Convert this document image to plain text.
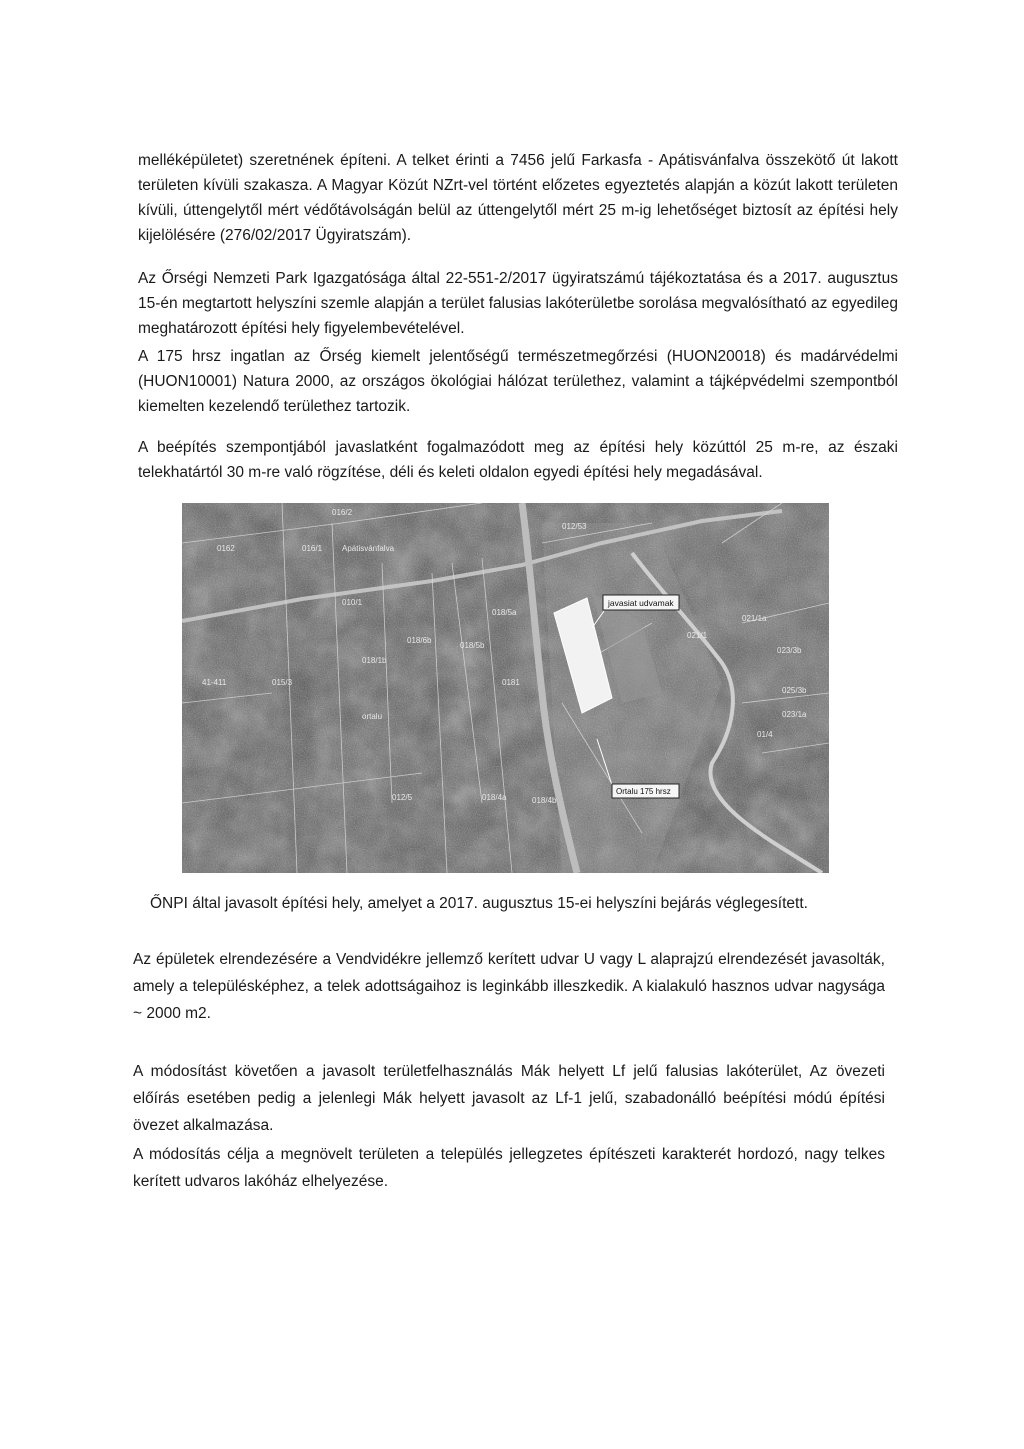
melléképületet) szeretnének építeni. A telket érinti a 7456 jelű Farkasfa - Apátisvánfalva összekötő út lakott területen kívüli szakasza. A Magyar Közút NZrt-vel történt előzetes egyeztetés alapján a közút lakott területen kívüli, úttengelytől mért védőtávolságán belül az úttengelytől mért 25 m-ig lehetőséget biztosít az építési hely kijelölésére (276/02/2017 Ügyiratszám).

Az Őrségi Nemzeti Park Igazgatósága által 22-551-2/2017 ügyiratszámú tájékoztatása és a 2017. augusztus 15-én megtartott helyszíni szemle alapján a terület falusias lakóterületbe sorolása megvalósítható az egyedileg meghatározott építési hely figyelembevételével.

A 175 hrsz ingatlan az Őrség kiemelt jelentőségű természetmegőrzési (HUON20018) és madárvédelmi (HUON10001) Natura 2000, az országos ökológiai hálózat területhez, valamint a tájképvédelmi szempontból kiemelten kezelendő területhez tartozik.

A beépítés szempontjából javaslatként fogalmazódott meg az építési hely közúttól 25 m-re, az északi telekhatártól 30 m-re való rögzítése, déli és keleti oldalon egyedi építési hely megadásával.

javasiat udvamak
Ortalu 175 hrsz
016/2
0162	016/1 Apátisvánfalva
010/1
018/5a
018/5b
018/6b
018/1b
015/3
41-411	0181
012/5	018/4a	018/4b
021/1
023/3b
025/3b
021/1a
023/1a
012/53
01/4
ortalu
ŐNPI által javasolt építési hely, amelyet a 2017. augusztus 15-ei helyszíni bejárás véglegesített.

Az épületek elrendezésére a Vendvidékre jellemző kerített udvar U vagy L alaprajzú elrendezését javasolták, amely a településképhez, a telek adottságaihoz is leginkább illeszkedik. A kialakuló hasznos udvar nagysága ~ 2000 m2.

A módosítást követően a javasolt területfelhasználás Mák helyett Lf jelű falusias lakóterület, Az övezeti előírás esetében pedig a jelenlegi Mák helyett javasolt az Lf-1 jelű, szabadonálló beépítési módú építési övezet alkalmazása.

A módosítás célja a megnövelt területen a település jellegzetes építészeti karakterét hordozó, nagy telkes kerített udvaros lakóház elhelyezése.
